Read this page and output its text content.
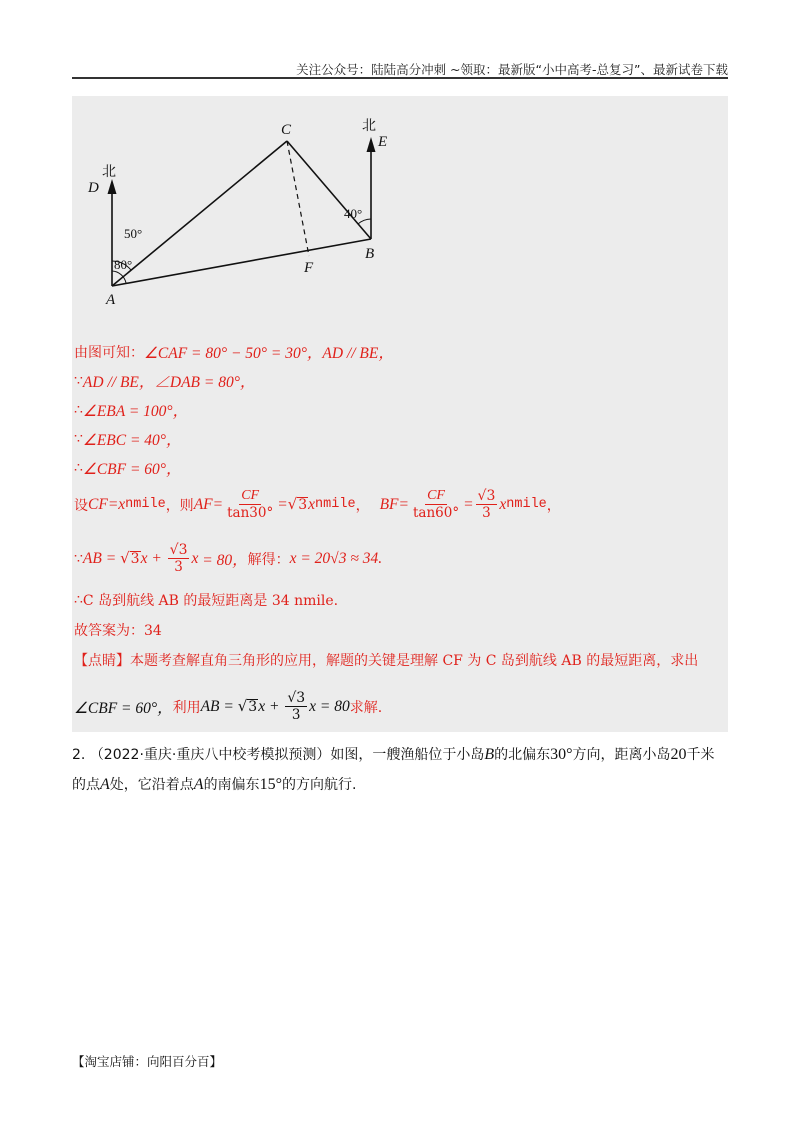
关注公众号：陆陆高分冲刺 ~领取：最新版“小中高考-总复习”、最新试卷下载
C
A
B
F
D
E
北
北
50°
80°
40°
由图可知： ∠CAF = 80° − 50° = 30°，AD // BE，
∵ AD // BE，∠DAB = 80°，
∴ ∠EBA = 100°，
∵ ∠EBC = 40°，
∴ ∠CBF = 60°，
设 CF = x nmile ，则 AF = $\frac{CF}{\tan 30^\circ}$ = √ 3 x nmile ， BF = $\frac{CF}{\tan 60^\circ} = \frac{√3}{3}$ x nmile ，
∵ AB = √ 3 $x + \frac{√3}{3}$ x = 80， 解得： x = 20√3 ≈ 34.
∴ C 岛到航线 AB 的最短距离是 34 nmile.
故答案为：34
【点睛】 本题考查解直角三角形的应用，解题的关键是理解 CF 为 C 岛到航线 AB 的最短距离，求出
∠CBF = 60°， 利用 AB = √ 3 $x + \frac{√3}{3}$ x = 80 求解.
2. （2022·重庆·重庆八中校考模拟预测）如图，一艘渔船位于小岛B的北偏东30°方向，距离小岛20千米
的点A处，它沿着点A的南偏东15°的方向航行.
【淘宝店铺：向阳百分百】
